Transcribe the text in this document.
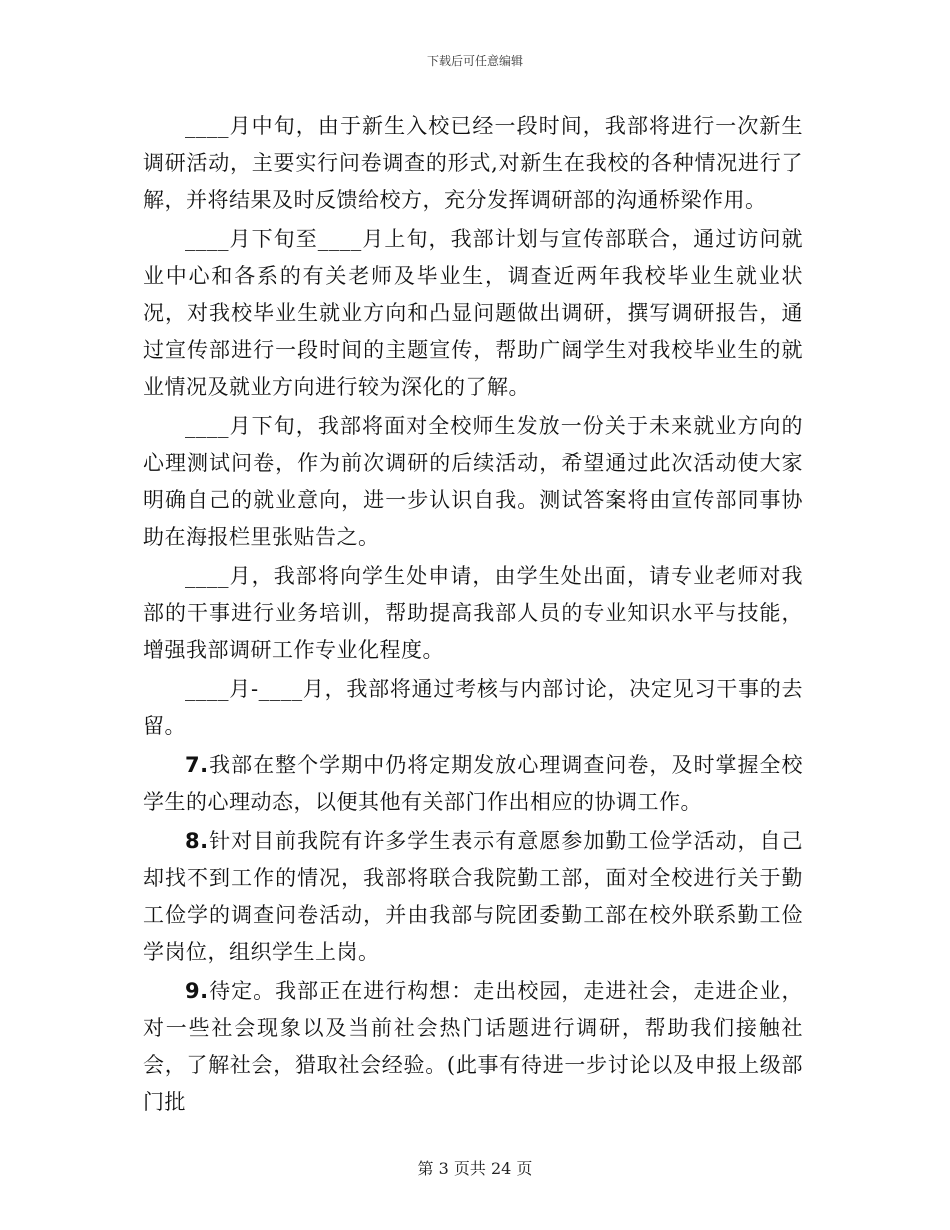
下载后可任意编辑

____月中旬，由于新生入校已经一段时间，我部将进行一次新生调研活动，主要实行问卷调查的形式,对新生在我校的各种情况进行了解，并将结果及时反馈给校方，充分发挥调研部的沟通桥梁作用。

____月下旬至____月上旬，我部计划与宣传部联合，通过访问就业中心和各系的有关老师及毕业生，调查近两年我校毕业生就业状况，对我校毕业生就业方向和凸显问题做出调研，撰写调研报告，通过宣传部进行一段时间的主题宣传，帮助广阔学生对我校毕业生的就业情况及就业方向进行较为深化的了解。

____月下旬，我部将面对全校师生发放一份关于未来就业方向的心理测试问卷，作为前次调研的后续活动，希望通过此次活动使大家明确自己的就业意向，进一步认识自我。测试答案将由宣传部同事协助在海报栏里张贴告之。

____月，我部将向学生处申请，由学生处出面，请专业老师对我部的干事进行业务培训，帮助提高我部人员的专业知识水平与技能，增强我部调研工作专业化程度。

____月-____月，我部将通过考核与内部讨论，决定见习干事的去留。

7.我部在整个学期中仍将定期发放心理调查问卷，及时掌握全校学生的心理动态，以便其他有关部门作出相应的协调工作。

8.针对目前我院有许多学生表示有意愿参加勤工俭学活动，自己却找不到工作的情况，我部将联合我院勤工部，面对全校进行关于勤工俭学的调查问卷活动，并由我部与院团委勤工部在校外联系勤工俭学岗位，组织学生上岗。

9.待定。我部正在进行构想：走出校园，走进社会，走进企业，对一些社会现象以及当前社会热门话题进行调研，帮助我们接触社会，了解社会，猎取社会经验。(此事有待进一步讨论以及申报上级部门批

第 3 页共 24 页
